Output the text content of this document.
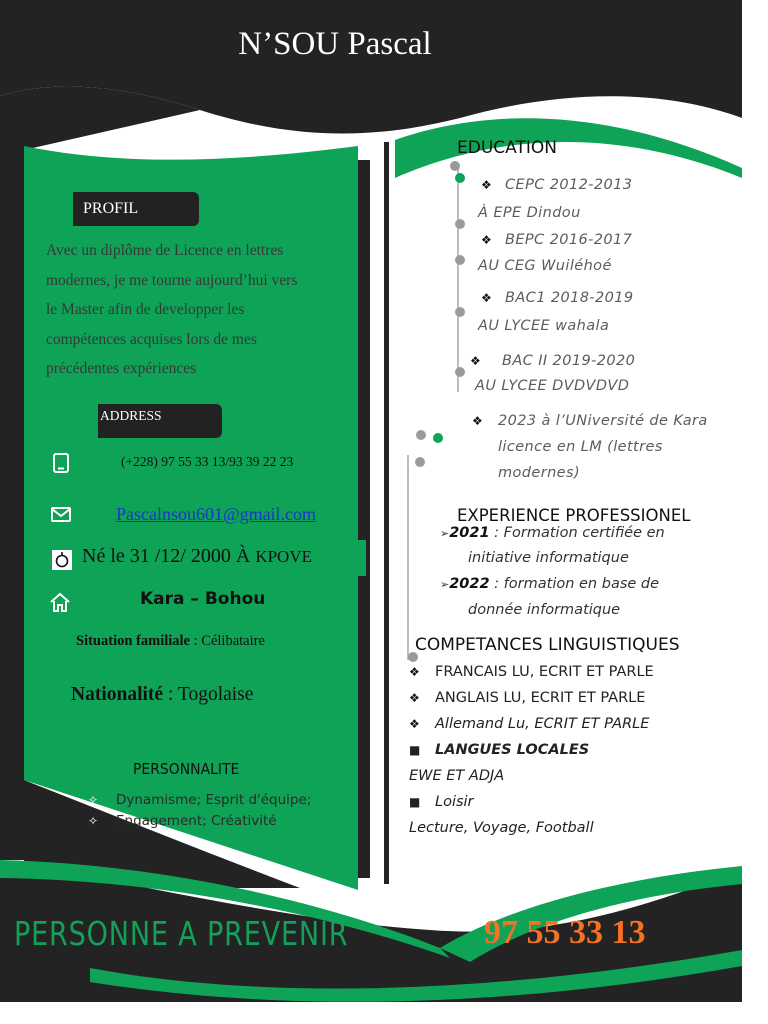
N’SOU Pascal
PROFIL
Avec un diplôme de Licence en lettres
modernes, je me tourne aujourd’hui vers
le Master afin de developper les
compétences acquises lors de mes
précédentes expériences
ADDRESS
(+228) 97 55 33 13/93 39 22 23
Pascalnsou601@gmail.com
Né le 31 /12/ 2000 À KPOVE
Kara – Bohou
Situation familiale : Célibataire
Nationalité : Togolaise
PERSONNALITE
✧ Dynamisme; Esprit d'équipe;
✧ Engagement; Créativité
EDUCATION
❖ CEPC 2012-2013
À EPE Dindou
❖ BEPC 2016-2017
AU CEG Wuiléhoé
❖ BAC1 2018-2019
AU LYCEE wahala
❖ BAC II 2019-2020
AU LYCEE DVDVDVD
❖ 2023 à l’UNiversité de Kara
licence en LM (lettres
modernes)
EXPERIENCE PROFESSIONEL
➢2021 : Formation certifiée en
initiative informatique
➢2022 : formation en base de
donnée informatique
COMPETANCES LINGUISTIQUES
❖ FRANCAIS LU, ECRIT ET PARLE
❖ ANGLAIS LU, ECRIT ET PARLE
❖ Allemand Lu, ECRIT ET PARLE
■ LANGUES LOCALES
EWE ET ADJA
■ Loisir
Lecture, Voyage, Football
PERSONNE A PREVENIR	97 55 33 13
